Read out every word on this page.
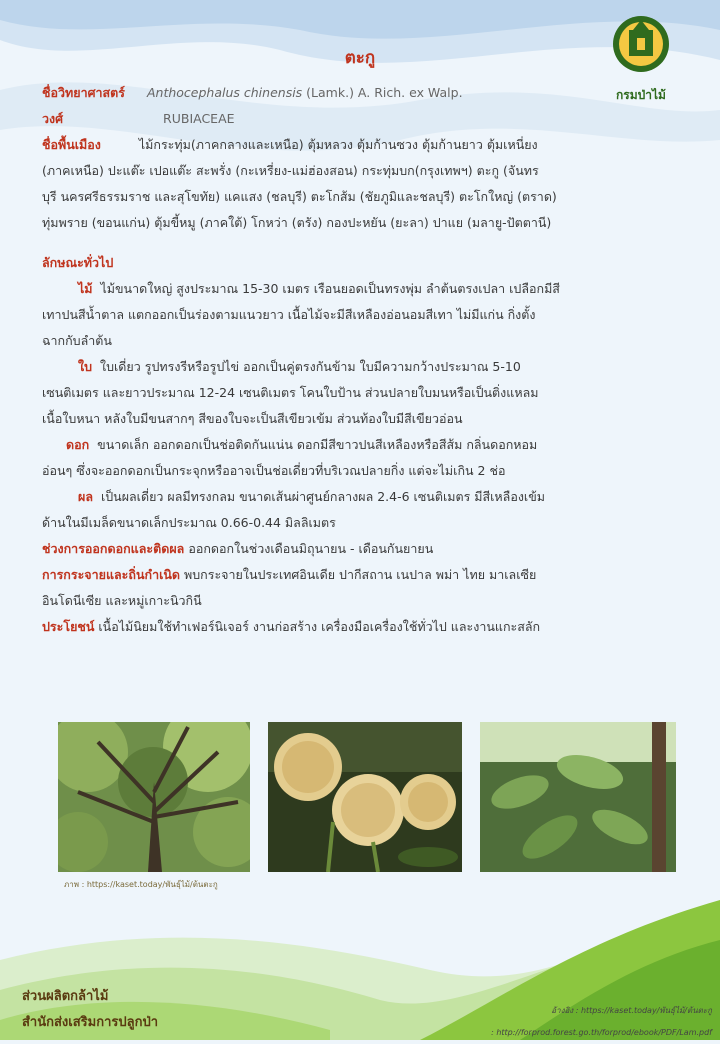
กรมป่าไม้
ตะกู

ชื่อวิทยาศาสตร์ Anthocephalus chinensis (Lamk.) A. Rich. ex Walp.

วงศ์	RUBIACEAE

ชื่อพื้นเมือง	ไม้กระทุ่ม(ภาคกลางและเหนือ) ตุ้มหลวง ตุ้มก้านซวง ตุ้มก้านยาว ตุ้มเหนี่ยง

(ภาคเหนือ) ปะแต๊ะ เปอแต๊ะ สะพรั่ง (กะเหรี่ยง-แม่ฮ่องสอน) กระทุ่มบก(กรุงเทพฯ) ตะกู (จันทร

บุรี นครศรีธรรมราช และสุโขทัย) แคแสง (ชลบุรี) ตะโกส้ม (ชัยภูมิและชลบุรี) ตะโกใหญ่ (ตราด)

ทุ่มพราย (ขอนแก่น) ตุ้มขี้หมู (ภาคใต้) โกหว่า (ตรัง) กองปะหยัน (ยะลา) ปาแย (มลายู-ปัตตานี)

ลักษณะทั่วไป

ไม้ ไม้ขนาดใหญ่ สูงประมาณ 15-30 เมตร เรือนยอดเป็นทรงพุ่ม ลำต้นตรงเปลา เปลือกมีสี

เทาปนสีน้ำตาล แตกออกเป็นร่องตามแนวยาว เนื้อไม้จะมีสีเหลืองอ่อนอมสีเทา ไม่มีแก่น กิ่งตั้ง

ฉากกับลำต้น

ใบ ใบเดี่ยว รูปทรงรีหรือรูปไข่ ออกเป็นคู่ตรงกันข้าม ใบมีความกว้างประมาณ 5-10

เซนติเมตร และยาวประมาณ 12-24 เซนติเมตร โคนใบป้าน ส่วนปลายใบมนหรือเป็นติ่งแหลม

เนื้อใบหนา หลังใบมีขนสากๆ สีของใบจะเป็นสีเขียวเข้ม ส่วนท้องใบมีสีเขียวอ่อน

ดอก ขนาดเล็ก ออกดอกเป็นช่อติดกันแน่น ดอกมีสีขาวปนสีเหลืองหรือสีส้ม กลิ่นดอกหอม

อ่อนๆ ซึ่งจะออกดอกเป็นกระจุกหรืออาจเป็นช่อเดี่ยวที่บริเวณปลายกิ่ง แต่จะไม่เกิน 2 ช่อ

ผล เป็นผลเดี่ยว ผลมีทรงกลม ขนาดเส้นผ่าศูนย์กลางผล 2.4-6 เซนติเมตร มีสีเหลืองเข้ม

ด้านในมีเมล็ดขนาดเล็กประมาณ 0.66-0.44 มิลลิเมตร

ช่วงการออกดอกและติดผล ออกดอกในช่วงเดือนมิถุนายน - เดือนกันยายน

การกระจายและถิ่นกำเนิด พบกระจายในประเทศอินเดีย ปากีสถาน เนปาล พม่า ไทย มาเลเซีย

อินโดนีเซีย และหมู่เกาะนิวกินี

ประโยชน์ เนื้อไม้นิยมใช้ทำเฟอร์นิเจอร์ งานก่อสร้าง เครื่องมือเครื่องใช้ทั่วไป และงานแกะสลัก

ภาพ : https://kaset.today/พันธุ์ไม้/ต้นตะกู
ส่วนผลิตกล้าไม้
สำนักส่งเสริมการปลูกป่า
อ้างอิง : https://kaset.today/พันธุ์ไม้/ต้นตะกู
: http://forprod.forest.go.th/forprod/ebook/PDF/Lam.pdf
